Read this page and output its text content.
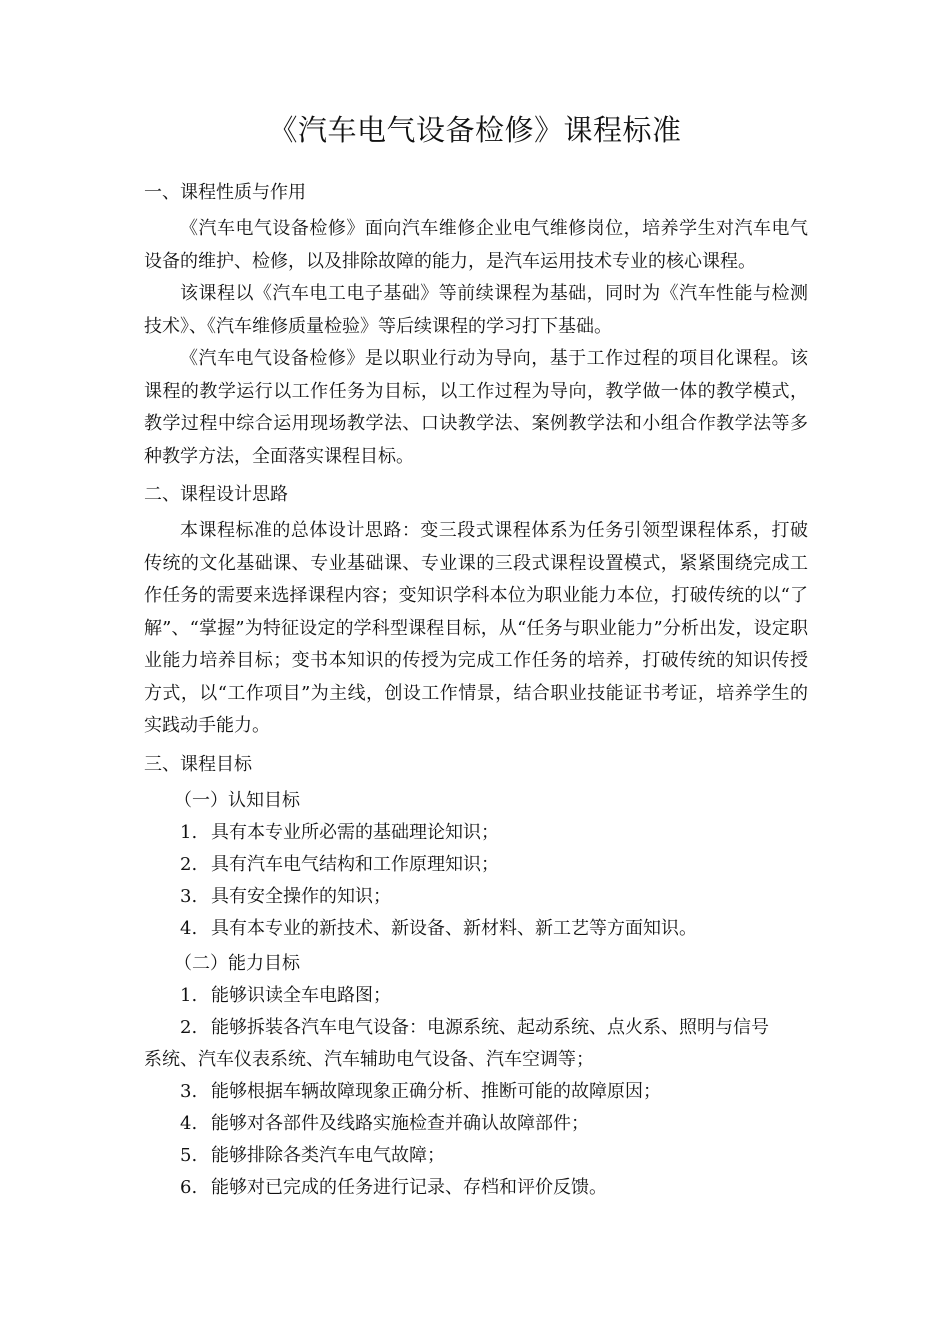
《汽车电气设备检修》课程标准
一、课程性质与作用

《汽车电气设备检修》面向汽车维修企业电气维修岗位，培养学生对汽车电气设备的维护、检修，以及排除故障的能力，是汽车运用技术专业的核心课程。

该课程以《汽车电工电子基础》等前续课程为基础，同时为《汽车性能与检测技术》、《汽车维修质量检验》等后续课程的学习打下基础。

《汽车电气设备检修》是以职业行动为导向，基于工作过程的项目化课程。该课程的教学运行以工作任务为目标，以工作过程为导向，教学做一体的教学模式，教学过程中综合运用现场教学法、口诀教学法、案例教学法和小组合作教学法等多种教学方法，全面落实课程目标。

二、课程设计思路

本课程标准的总体设计思路：变三段式课程体系为任务引领型课程体系，打破传统的文化基础课、专业基础课、专业课的三段式课程设置模式，紧紧围绕完成工作任务的需要来选择课程内容；变知识学科本位为职业能力本位，打破传统的以“了解”、“掌握”为特征设定的学科型课程目标，从“任务与职业能力”分析出发，设定职业能力培养目标；变书本知识的传授为完成工作任务的培养，打破传统的知识传授方式，以“工作项目”为主线，创设工作情景，结合职业技能证书考证，培养学生的实践动手能力。

三、课程目标
（一）认知目标
1. 具有本专业所必需的基础理论知识；
2. 具有汽车电气结构和工作原理知识；
3. 具有安全操作的知识；
4. 具有本专业的新技术、新设备、新材料、新工艺等方面知识。
（二）能力目标
1. 能够识读全车电路图；
2. 能够拆装各汽车电气设备：电源系统、起动系统、点火系、照明与信号
系统、汽车仪表系统、汽车辅助电气设备、汽车空调等；
3. 能够根据车辆故障现象正确分析、推断可能的故障原因；
4. 能够对各部件及线路实施检查并确认故障部件；
5. 能够排除各类汽车电气故障；
6. 能够对已完成的任务进行记录、存档和评价反馈。
